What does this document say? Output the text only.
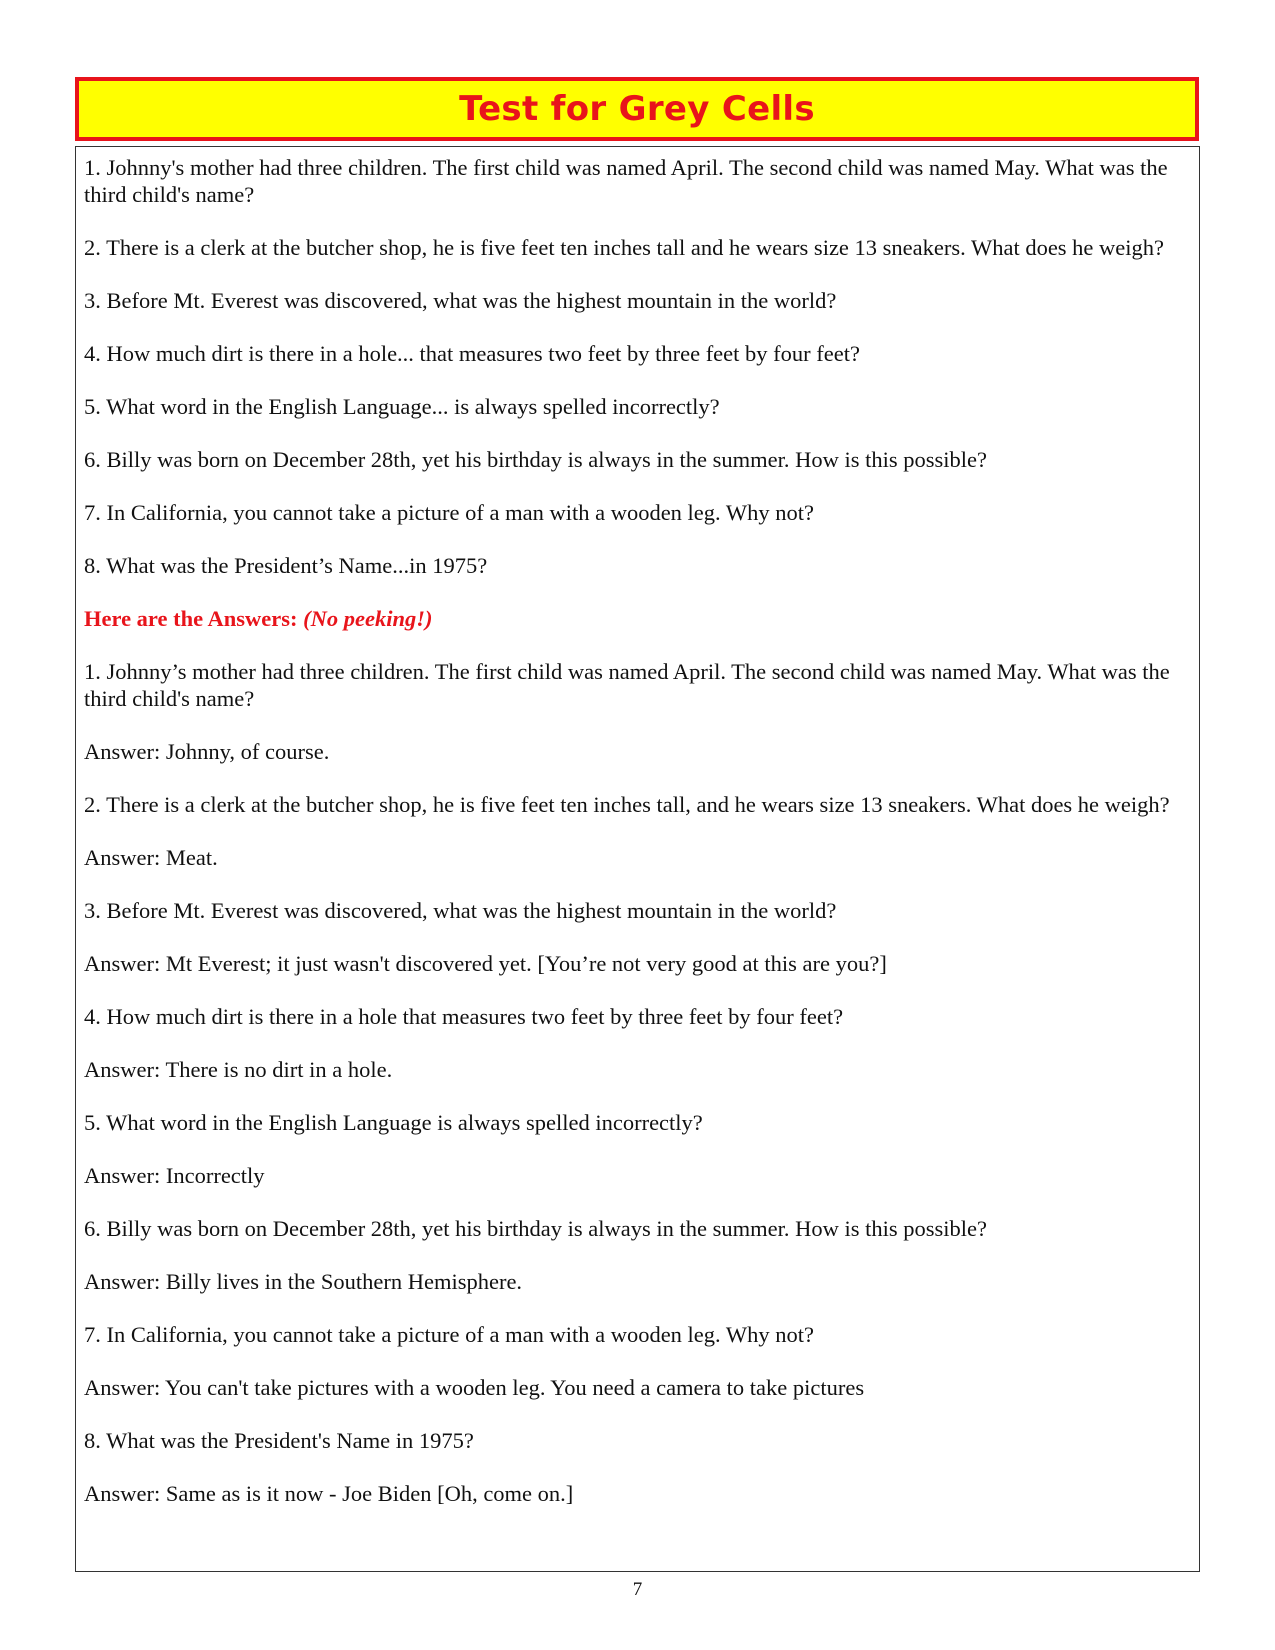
Test for Grey Cells

1. Johnny's mother had three children. The first child was named April. The second child was named May. What was the third child's name?

2. There is a clerk at the butcher shop, he is five feet ten inches tall and he wears size 13 sneakers. What does he weigh?

3. Before Mt. Everest was discovered, what was the highest mountain in the world?

4. How much dirt is there in a hole... that measures two feet by three feet by four feet?

5. What word in the English Language... is always spelled incorrectly?

6. Billy was born on December 28th, yet his birthday is always in the summer. How is this possible?

7. In California, you cannot take a picture of a man with a wooden leg. Why not?

8. What was the President’s Name...in 1975?

Here are the Answers: (No peeking!)

1. Johnny’s mother had three children. The first child was named April. The second child was named May. What was the third child's name?

Answer: Johnny, of course.

2. There is a clerk at the butcher shop, he is five feet ten inches tall, and he wears size 13 sneakers. What does he weigh?

Answer: Meat.

3. Before Mt. Everest was discovered, what was the highest mountain in the world?

Answer: Mt Everest; it just wasn't discovered yet. [You’re not very good at this are you?]

4. How much dirt is there in a hole that measures two feet by three feet by four feet?

Answer: There is no dirt in a hole.

5. What word in the English Language is always spelled incorrectly?

Answer: Incorrectly

6. Billy was born on December 28th, yet his birthday is always in the summer. How is this possible?

Answer: Billy lives in the Southern Hemisphere.

7. In California, you cannot take a picture of a man with a wooden leg. Why not?

Answer: You can't take pictures with a wooden leg. You need a camera to take pictures

8. What was the President's Name in 1975?

Answer: Same as is it now - Joe Biden [Oh, come on.]

7
